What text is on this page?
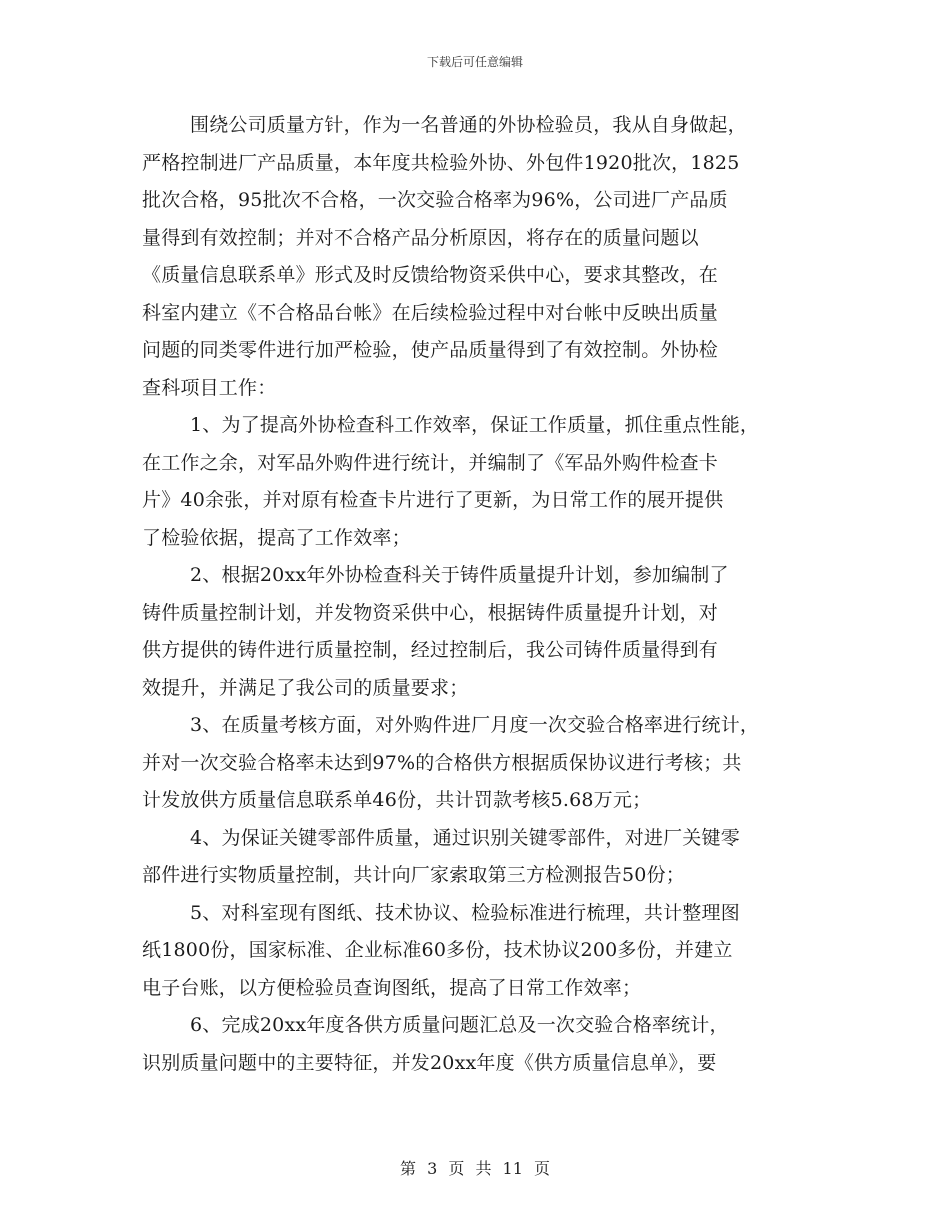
下载后可任意编辑
围绕公司质量方针，作为一名普通的外协检验员，我从自身做起，
严格控制进厂产品质量，本年度共检验外协、外包件1920批次，1825
批次合格，95批次不合格，一次交验合格率为96%，公司进厂产品质
量得到有效控制；并对不合格产品分析原因，将存在的质量问题以
《质量信息联系单》形式及时反馈给物资采供中心，要求其整改，在
科室内建立《不合格品台帐》在后续检验过程中对台帐中反映出质量
问题的同类零件进行加严检验，使产品质量得到了有效控制。外协检
查科项目工作：
1、为了提高外协检查科工作效率，保证工作质量，抓住重点性能，
在工作之余，对军品外购件进行统计，并编制了《军品外购件检查卡
片》40余张，并对原有检查卡片进行了更新，为日常工作的展开提供
了检验依据，提高了工作效率；
2、根据20xx年外协检查科关于铸件质量提升计划，参加编制了
铸件质量控制计划，并发物资采供中心，根据铸件质量提升计划，对
供方提供的铸件进行质量控制，经过控制后，我公司铸件质量得到有
效提升，并满足了我公司的质量要求；
3、在质量考核方面，对外购件进厂月度一次交验合格率进行统计，
并对一次交验合格率未达到97%的合格供方根据质保协议进行考核；共
计发放供方质量信息联系单46份，共计罚款考核5.68万元；
4、为保证关键零部件质量，通过识别关键零部件，对进厂关键零
部件进行实物质量控制，共计向厂家索取第三方检测报告50份；
5、对科室现有图纸、技术协议、检验标准进行梳理，共计整理图
纸1800份，国家标准、企业标准60多份，技术协议200多份，并建立
电子台账，以方便检验员查询图纸，提高了日常工作效率；
6、完成20xx年度各供方质量问题汇总及一次交验合格率统计，
识别质量问题中的主要特征，并发20xx年度《供方质量信息单》，要
第 3 页 共 11 页
